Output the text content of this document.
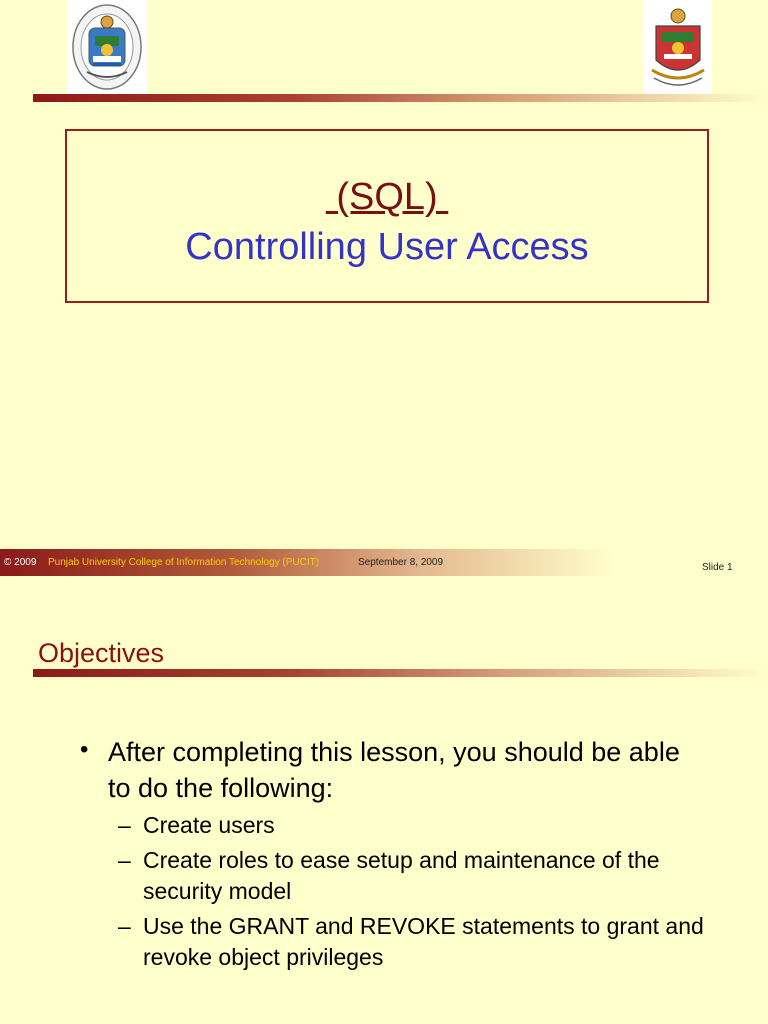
(SQL)
Controlling User Access
© 2009 Punjab University College of Information Technology (PUCIT)	September 8, 2009	Slide 1
Objectives
• After completing this lesson, you should be able to do the following:
– Create users
– Create roles to ease setup and maintenance of the security model
– Use the GRANT and REVOKE statements to grant and revoke object privileges
